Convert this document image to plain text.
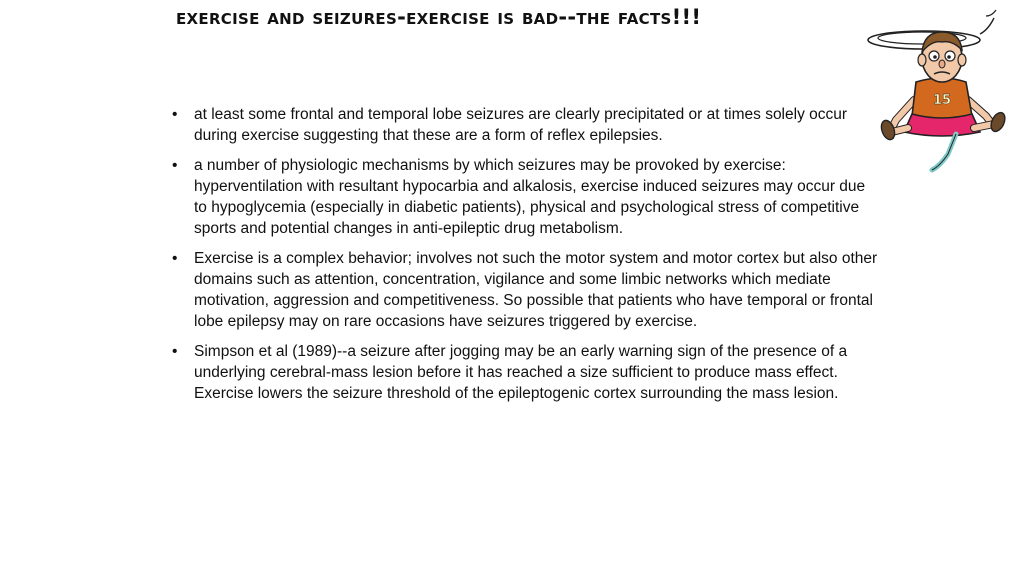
exercise and seizures-exercise is bad--the facts!!!
• at least some frontal and temporal lobe seizures are clearly precipitated or at times solely occur during exercise suggesting that these are a form of reflex epilepsies.
• a number of physiologic mechanisms by which seizures may be provoked by exercise: hyperventilation with resultant hypocarbia and alkalosis, exercise induced seizures may occur due to hypoglycemia (especially in diabetic patients), physical and psychological stress of competitive sports and potential changes in anti-epileptic drug metabolism.
• Exercise is a complex behavior; involves not such the motor system and motor cortex but also other domains such as attention, concentration, vigilance and some limbic networks which mediate motivation, aggression and competitiveness. So possible that patients who have temporal or frontal lobe epilepsy may on rare occasions have seizures triggered by exercise.
• Simpson et al (1989)--a seizure after jogging may be an early warning sign of the presence of a underlying cerebral-mass lesion before it has reached a size sufficient to produce mass effect. Exercise lowers the seizure threshold of the epileptogenic cortex surrounding the mass lesion.
15
